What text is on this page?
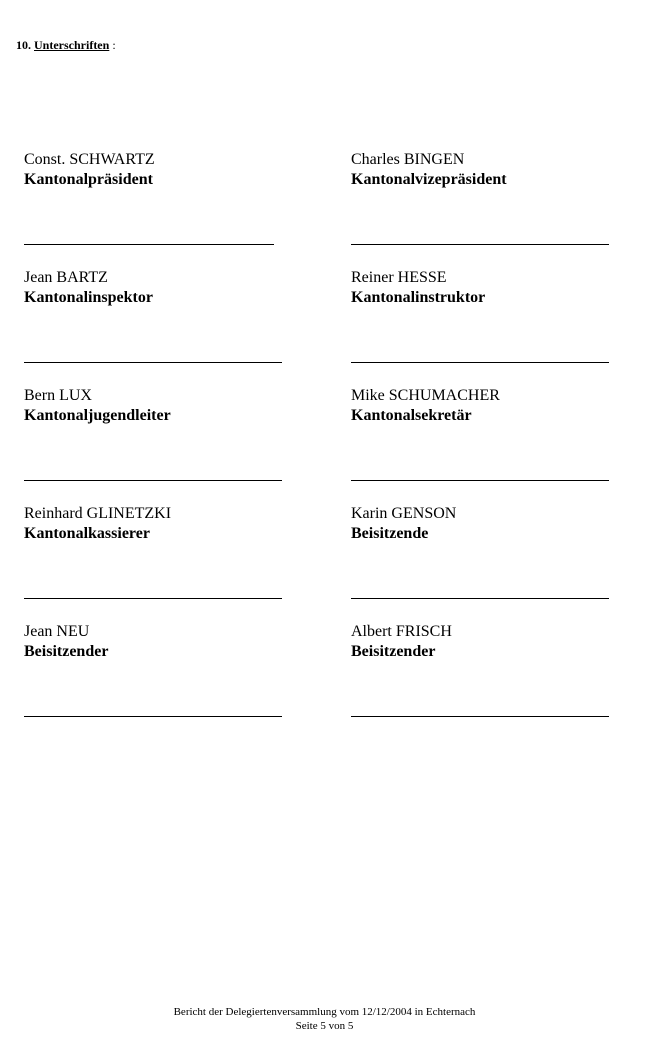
10. Unterschriften :
Const. SCHWARTZ
Kantonalpräsident
Charles BINGEN
Kantonalvizepräsident
Jean BARTZ
Kantonalinspektor
Reiner HESSE
Kantonalinstruktor
Bern LUX
Kantonaljugendleiter
Mike SCHUMACHER
Kantonalsekretär
Reinhard GLINETZKI
Kantonalkassierer
Karin GENSON
Beisitzende
Jean NEU
Beisitzender
Albert FRISCH
Beisitzender
Bericht der Delegiertenversammlung vom 12/12/2004 in Echternach
Seite 5 von 5
